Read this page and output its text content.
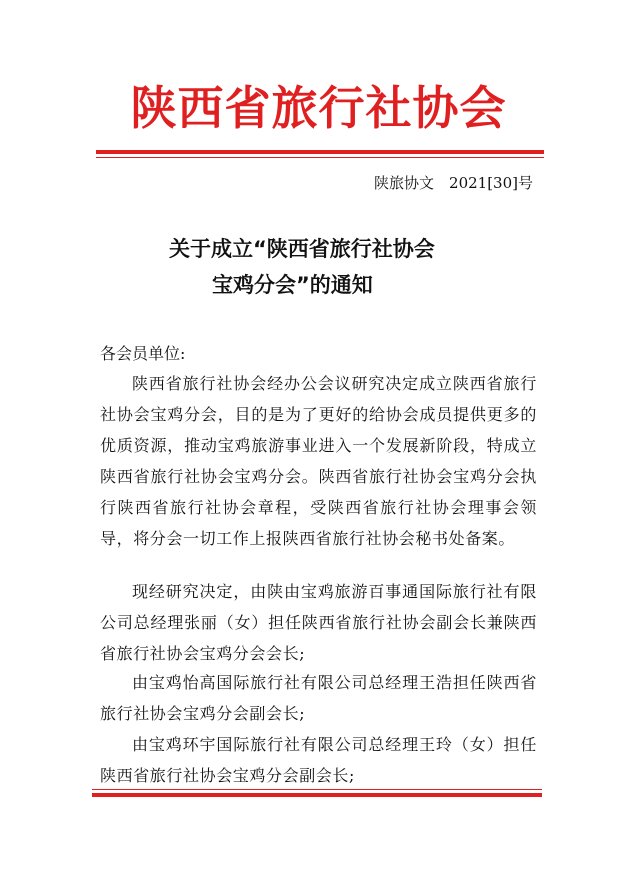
陕西省旅行社协会
陕旅协文　2021[30]号
关于成立“陕西省旅行社协会
宝鸡分会”的通知
各会员单位:
陕西省旅行社协会经办公会议研究决定成立陕西省旅行社协会宝鸡分会，目的是为了更好的给协会成员提供更多的优质资源，推动宝鸡旅游事业进入一个发展新阶段，特成立陕西省旅行社协会宝鸡分会。陕西省旅行社协会宝鸡分会执行陕西省旅行社协会章程，受陕西省旅行社协会理事会领导，将分会一切工作上报陕西省旅行社协会秘书处备案。
现经研究决定，由陕由宝鸡旅游百事通国际旅行社有限公司总经理张丽（女）担任陕西省旅行社协会副会长兼陕西省旅行社协会宝鸡分会会长;
由宝鸡怡高国际旅行社有限公司总经理王浩担任陕西省旅行社协会宝鸡分会副会长;
由宝鸡环宇国际旅行社有限公司总经理王玲（女）担任陕西省旅行社协会宝鸡分会副会长;
